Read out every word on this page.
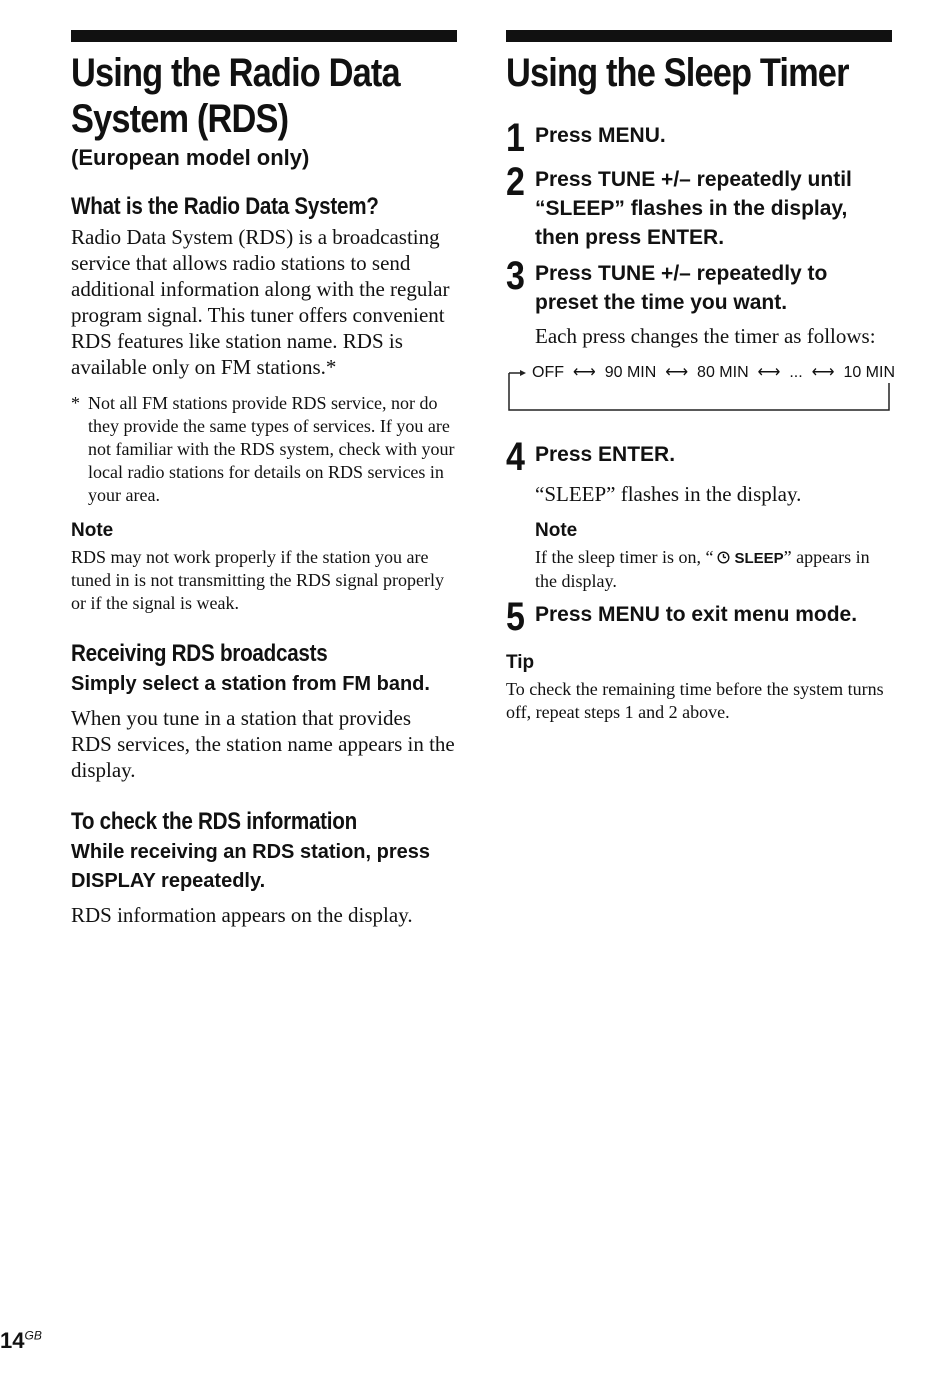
Using the Radio Data System (RDS)
(European model only)
What is the Radio Data System?
Radio Data System (RDS) is a broadcasting service that allows radio stations to send additional information along with the regular program signal. This tuner offers convenient RDS features like station name. RDS is available only on FM stations.*
* Not all FM stations provide RDS service, nor do they provide the same types of services. If you are not familiar with the RDS system, check with your local radio stations for details on RDS services in your area.
Note
RDS may not work properly if the station you are tuned in is not transmitting the RDS signal properly or if the signal is weak.
Receiving RDS broadcasts
Simply select a station from FM band.
When you tune in a station that provides RDS services, the station name appears in the display.
To check the RDS information
While receiving an RDS station, press DISPLAY repeatedly.
RDS information appears on the display.
Using the Sleep Timer
1 Press MENU.
2 Press TUNE +/– repeatedly until “SLEEP” flashes in the display, then press ENTER.
3 Press TUNE +/– repeatedly to preset the time you want.
Each press changes the timer as follows:
OFF  ⟷  90 MIN  ⟷  80 MIN  ⟷  ...  ⟷  10 MIN
4 Press ENTER.
“SLEEP” flashes in the display.
Note
If the sleep timer is on, “ SLEEP” appears in the display.
5 Press MENU to exit menu mode.
Tip
To check the remaining time before the system turns off, repeat steps 1 and 2 above.
$14^{GB}$
